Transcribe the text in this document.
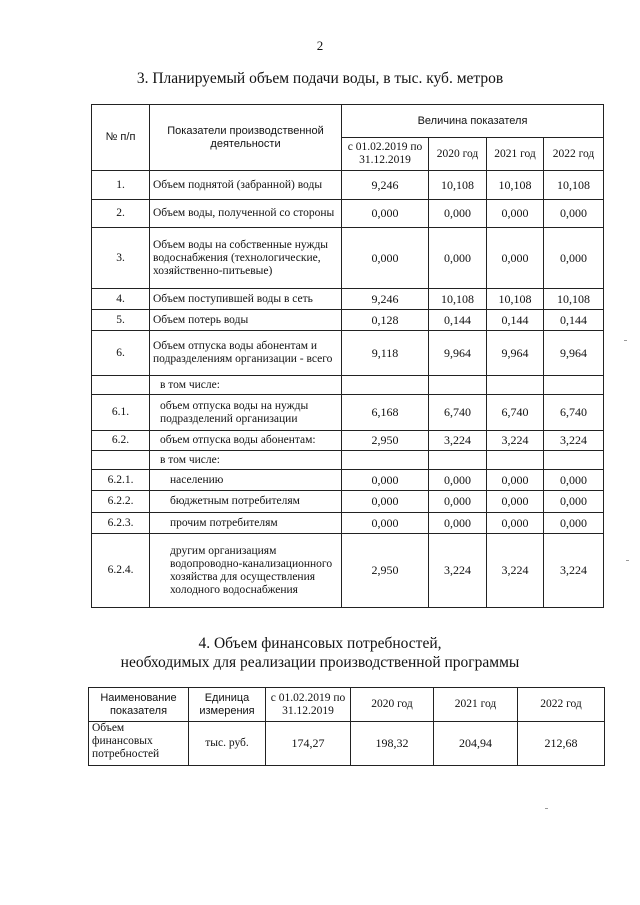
2
3. Планируемый объем подачи воды, в тыс. куб. метров
№ п/п	Показатели производственной деятельности	Величина показателя			
		с 01.02.2019 по 31.12.2019	2020 год	2021 год	2022 год
1.	Объем поднятой (забранной) воды	9,246	10,108	10,108	10,108
2.	Объем воды, полученной со стороны	0,000	0,000	0,000	0,000
3.	Объем воды на собственные нужды водоснабжения (технологические, хозяйственно-питьевые)	0,000	0,000	0,000	0,000
4.	Объем поступившей воды в сеть	9,246	10,108	10,108	10,108
5.	Объем потерь воды	0,128	0,144	0,144	0,144
6.	Объем отпуска воды абонентам и подразделениям организации - всего	9,118	9,964	9,964	9,964
	в том числе:				
6.1.	объем отпуска воды на нужды подразделений организации	6,168	6,740	6,740	6,740
6.2.	объем отпуска воды абонентам:	2,950	3,224	3,224	3,224
	в том числе:				
6.2.1.	населению	0,000	0,000	0,000	0,000
6.2.2.	бюджетным потребителям	0,000	0,000	0,000	0,000
6.2.3.	прочим потребителям	0,000	0,000	0,000	0,000
6.2.4.	другим организациям водопроводно-канализационного хозяйства для осуществления холодного водоснабжения	2,950	3,224	3,224	3,224
4. Объем финансовых потребностей,
необходимых для реализации производственной программы
Наименование показателя	Единица измерения	с 01.02.2019 по 31.12.2019	2020 год	2021 год	2022 год
Объем финансовых потребностей	тыс. руб.	174,27	198,32	204,94	212,68
